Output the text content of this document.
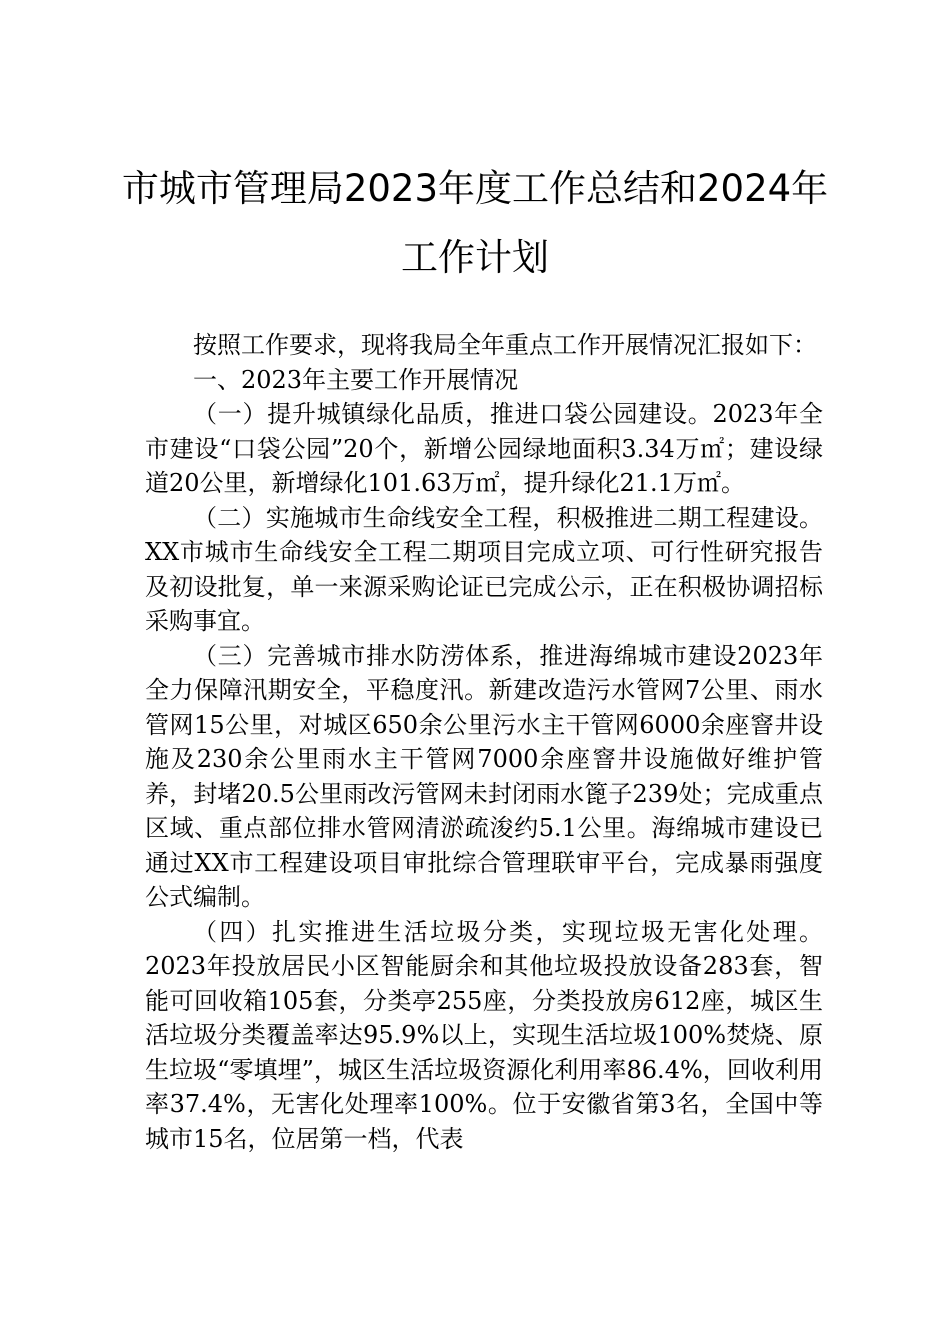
市城市管理局2023年度工作总结和2024年
工作计划

按照工作要求，现将我局全年重点工作开展情况汇报如下：

一、2023年主要工作开展情况

（一）提升城镇绿化品质，推进口袋公园建设。2023年全市建设“口袋公园”20个，新增公园绿地面积3.34万㎡；建设绿道20公里，新增绿化101.63万㎡，提升绿化21.1万㎡。

（二）实施城市生命线安全工程，积极推进二期工程建设。XX市城市生命线安全工程二期项目完成立项、可行性研究报告及初设批复，单一来源采购论证已完成公示，正在积极协调招标采购事宜。

（三）完善城市排水防涝体系，推进海绵城市建设2023年全力保障汛期安全，平稳度汛。新建改造污水管网7公里、雨水管网15公里，对城区650余公里污水主干管网6000余座窨井设施及230余公里雨水主干管网7000余座窨井设施做好维护管养，封堵20.5公里雨改污管网未封闭雨水篦子239处；完成重点区域、重点部位排水管网清淤疏浚约5.1公里。海绵城市建设已通过XX市工程建设项目审批综合管理联审平台，完成暴雨强度公式编制。

（四）扎实推进生活垃圾分类，实现垃圾无害化处理。2023年投放居民小区智能厨余和其他垃圾投放设备283套，智能可回收箱105套，分类亭255座，分类投放房612座，城区生活垃圾分类覆盖率达95.9%以上，实现生活垃圾100%焚烧、原生垃圾“零填埋”，城区生活垃圾资源化利用率86.4%，回收利用率37.4%，无害化处理率100%。位于安徽省第3名，全国中等城市15名，位居第一档，代表
